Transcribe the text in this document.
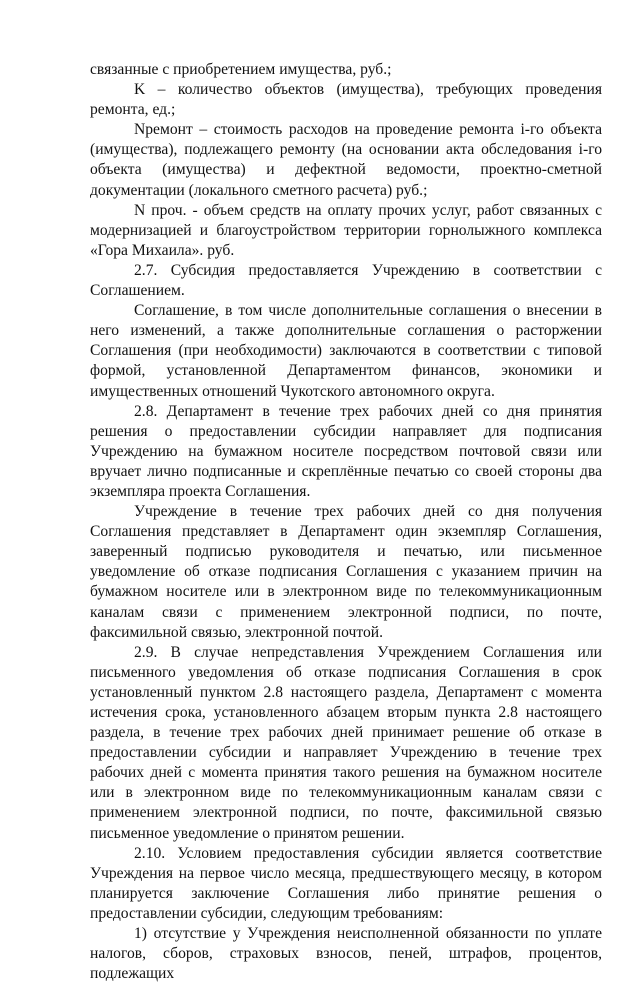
связанные с приобретением имущества, руб.;

K – количество объектов (имущества), требующих проведения ремонта, ед.;

Nремонт – стоимость расходов на проведение ремонта i-го объекта (имущества), подлежащего ремонту (на основании акта обследования i-го объекта (имущества) и дефектной ведомости, проектно-сметной документации (локального сметного расчета) руб.;

N проч. - объем средств на оплату прочих услуг, работ связанных с модернизацией и благоустройством территории горнолыжного комплекса «Гора Михаила». руб.

2.7. Субсидия предоставляется Учреждению в соответствии с Соглашением.

Соглашение, в том числе дополнительные соглашения о внесении в него изменений, а также дополнительные соглашения о расторжении Соглашения (при необходимости) заключаются в соответствии с типовой формой, установленной Департаментом финансов, экономики и имущественных отношений Чукотского автономного округа.

2.8. Департамент в течение трех рабочих дней со дня принятия решения о предоставлении субсидии направляет для подписания Учреждению на бумажном носителе посредством почтовой связи или вручает лично подписанные и скреплённые печатью со своей стороны два экземпляра проекта Соглашения.

Учреждение в течение трех рабочих дней со дня получения Соглашения представляет в Департамент один экземпляр Соглашения, заверенный подписью руководителя и печатью, или письменное уведомление об отказе подписания Соглашения с указанием причин на бумажном носителе или в электронном виде по телекоммуникационным каналам связи с применением электронной подписи, по почте, факсимильной связью, электронной почтой.

2.9. В случае непредставления Учреждением Соглашения или письменного уведомления об отказе подписания Соглашения в срок установленный пунктом 2.8 настоящего раздела, Департамент с момента истечения срока, установленного абзацем вторым пункта 2.8 настоящего раздела, в течение трех рабочих дней принимает решение об отказе в предоставлении субсидии и направляет Учреждению в течение трех рабочих дней с момента принятия такого решения на бумажном носителе или в электронном виде по телекоммуникационным каналам связи с применением электронной подписи, по почте, факсимильной связью письменное уведомление о принятом решении.

2.10. Условием предоставления субсидии является соответствие Учреждения на первое число месяца, предшествующего месяцу, в котором планируется заключение Соглашения либо принятие решения о предоставлении субсидии, следующим требованиям:

1) отсутствие у Учреждения неисполненной обязанности по уплате налогов, сборов, страховых взносов, пеней, штрафов, процентов, подлежащих
